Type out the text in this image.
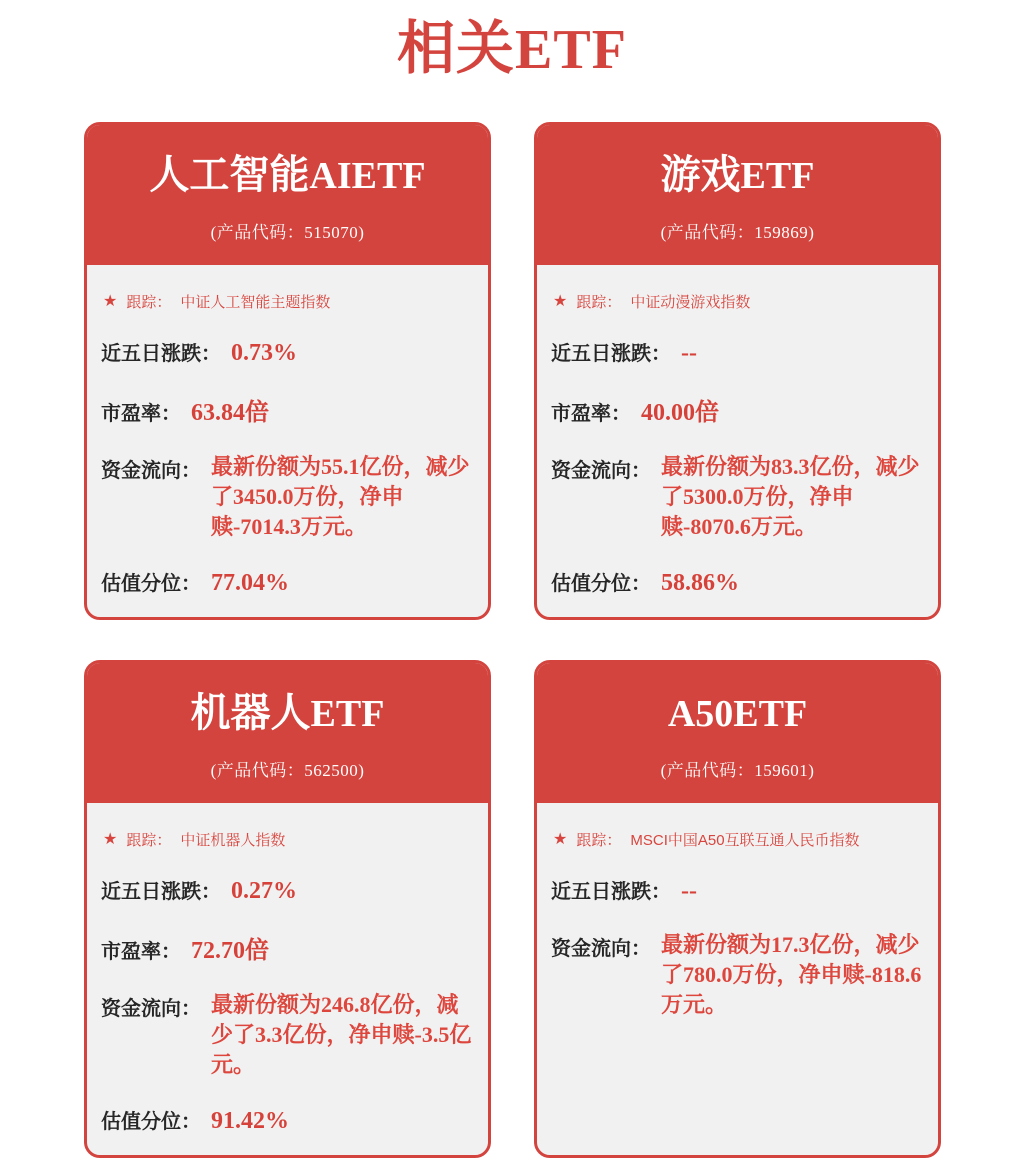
相关ETF
人工智能AIETF
(产品代码：515070)
★ 跟踪： 中证人工智能主题指数
近五日涨跌： 0.73%
市盈率： 63.84倍
资金流向： 最新份额为55.1亿份，减少了3450.0万份，净申赎-7014.3万元。
估值分位： 77.04%
游戏ETF
(产品代码：159869)
★ 跟踪： 中证动漫游戏指数
近五日涨跌： --
市盈率： 40.00倍
资金流向： 最新份额为83.3亿份，减少了5300.0万份，净申赎-8070.6万元。
估值分位： 58.86%
机器人ETF
(产品代码：562500)
★ 跟踪： 中证机器人指数
近五日涨跌： 0.27%
市盈率： 72.70倍
资金流向： 最新份额为246.8亿份，减少了3.3亿份，净申赎-3.5亿元。
估值分位： 91.42%
A50ETF
(产品代码：159601)
★ 跟踪： MSCI中国A50互联互通人民币指数
近五日涨跌： --
资金流向： 最新份额为17.3亿份，减少了780.0万份，净申赎-818.6万元。
